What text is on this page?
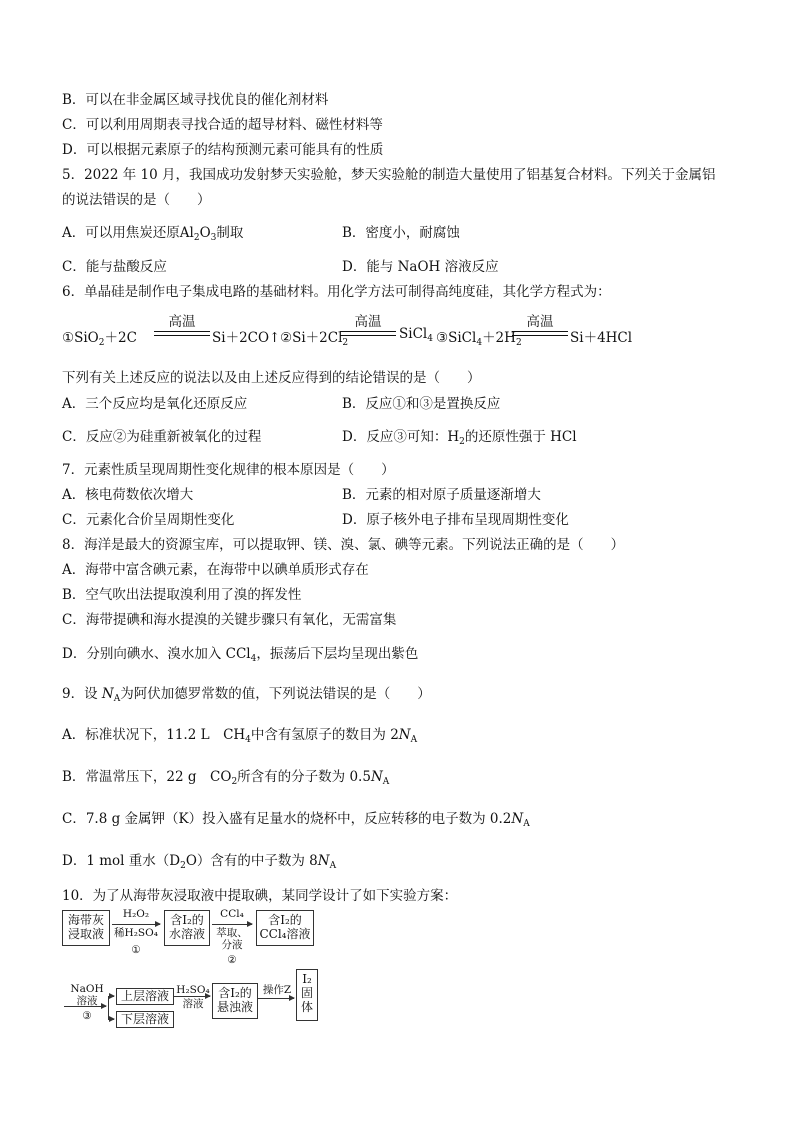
B．可以在非金属区域寻找优良的催化剂材料
C．可以利用周期表寻找合适的超导材料、磁性材料等
D．可以根据元素原子的结构预测元素可能具有的性质
5．2022 年 10 月，我国成功发射梦天实验舱，梦天实验舱的制造大量使用了铝基复合材料。下列关于金属铝
的说法错误的是（　　）
A．可以用焦炭还原$Al_2O_3$制取	B．密度小，耐腐蚀
C．能与盐酸反应	D．能与 NaOH 溶液反应
6．单晶硅是制作电子集成电路的基础材料。用化学方法可制得高纯度硅，其化学方程式为：
①SiO$_2$＋2C
高温
Si＋2CO↑ $②Si+2Cl_2$
高温
SiCl$_4$ $③SiCl_4+2H_2$
高温
Si＋4HCl
下列有关上述反应的说法以及由上述反应得到的结论错误的是（　　）
A．三个反应均是氧化还原反应	B．反应①和③是置换反应
C．反应②为硅重新被氧化的过程	D．反应③可知：$H_2$的还原性强于 HCl
7．元素性质呈现周期性变化规律的根本原因是（　　）
A．核电荷数依次增大	B．元素的相对原子质量逐渐增大
C．元素化合价呈周期性变化	D．原子核外电子排布呈现周期性变化
8．海洋是最大的资源宝库，可以提取钾、镁、溴、氯、碘等元素。下列说法正确的是（　　）
A．海带中富含碘元素，在海带中以碘单质形式存在
B．空气吹出法提取溴利用了溴的挥发性
C．海带提碘和海水提溴的关键步骤只有氧化，无需富集
D．分别向碘水、溴水加入 CCl$_4$，振荡后下层均呈现出紫色
9．设 $N_A$为阿伏加德罗常数的值，下列说法错误的是（　　）
A．标准状况下，11.2 L　$CH_4$中含有氢原子的数目为 $2N_A$
B．常温常压下，22 g　$CO_2$所含有的分子数为 $0.5N_A$
C．7.8 g 金属钾（K）投入盛有足量水的烧杯中，反应转移的电子数为 $0.2N_A$
D．1 mol 重水$(D_2O)$含有的中子数为 $8N_A$
10．为了从海带灰浸取液中提取碘，某同学设计了如下实验方案：
海带灰
浸取液
H₂O₂
稀H₂SO₄
①
含I₂的
水溶液
CCl₄
萃取、
分液
②
含I₂的
CCl₄溶液
NaOH
溶液
③
上层溶液
下层溶液
H₂SO₄
溶液
含I₂的
悬浊液
操作Z
I₂
固
体
